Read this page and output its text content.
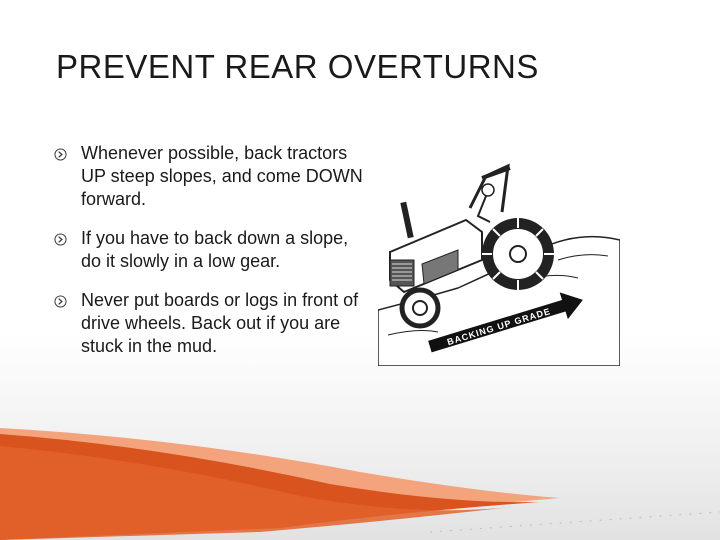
PREVENT REAR OVERTURNS
Whenever possible, back tractors UP steep slopes, and come DOWN forward.
If you have to back down a slope, do it slowly in a low gear.
Never put boards or logs in front of drive wheels. Back out if you are stuck in the mud.	BACKING UP GRADE
